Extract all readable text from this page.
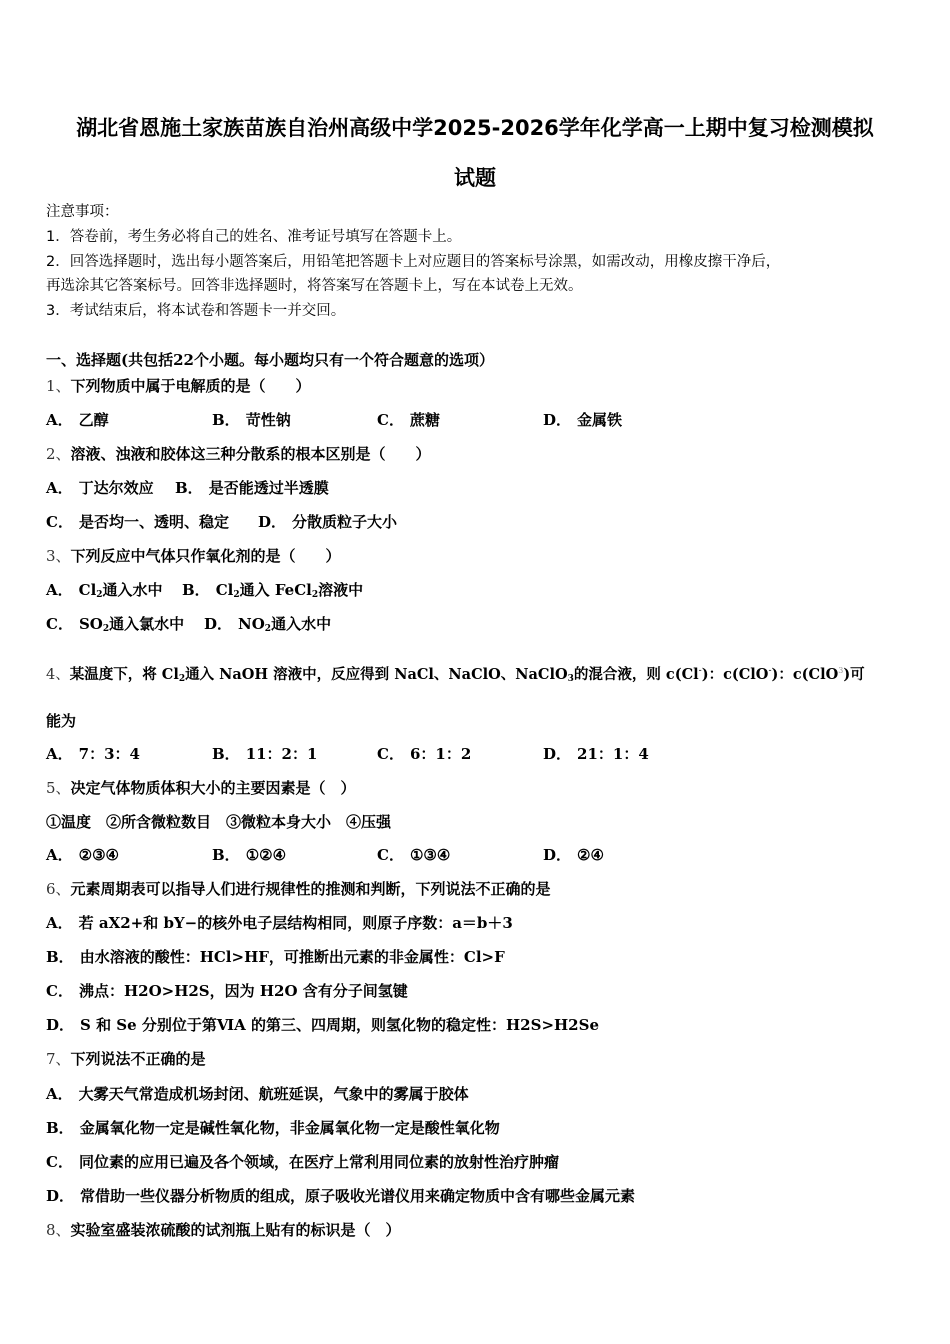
湖北省恩施土家族苗族自治州高级中学2025-2026学年化学高一上期中复习检测模拟
试题
注意事项：
1．答卷前，考生务必将自己的姓名、准考证号填写在答题卡上。
2．回答选择题时，选出每小题答案后，用铅笔把答题卡上对应题目的答案标号涂黑，如需改动，用橡皮擦干净后，
再选涂其它答案标号。回答非选择题时，将答案写在答题卡上，写在本试卷上无效。
3．考试结束后，将本试卷和答题卡一并交回。
一、选择题(共包括22个小题。每小题均只有一个符合题意的选项）
1、下列物质中属于电解质的是（　　）
A． 乙醇	B． 苛性钠	C． 蔗糖	D． 金属铁
2、溶液、浊液和胶体这三种分散系的根本区别是（　　）
A． 丁达尔效应 B． 是否能透过半透膜
C． 是否均一、透明、稳定 D． 分散质粒子大小
3、下列反应中气体只作氧化剂的是（　　）
A． $Cl_2$通入水中 B． $Cl_2$通入 FeCl$_2$溶液中
C． $SO_2$通入氯水中 D． $NO_2$通入水中
4、某温度下，将 $Cl_2$通入 NaOH 溶液中，反应得到 NaCl、NaClO、NaClO$_3$的混合液，则 c(Cl-)：c(ClO-)：c(ClO$^3$)可
能为
A． 7：3：4	B． 11：2：1	C． 6：1：2	D． 21：1：4
5、决定气体物质体积大小的主要因素是（　）
①温度　②所含微粒数目　③微粒本身大小　④压强
A． ②③④	B． ①②④	C． ①③④	D． ②④
6、元素周期表可以指导人们进行规律性的推测和判断，下列说法不正确的是
A． 若 aX2+和 bY−的核外电子层结构相同，则原子序数：a＝b＋3
B． 由水溶液的酸性：HCl>HF，可推断出元素的非金属性：Cl>F
C． 沸点：H2O>H2S，因为 H2O 含有分子间氢键
D． S 和 Se 分别位于第ⅥA 的第三、四周期，则氢化物的稳定性：H2S>H2Se
7、下列说法不正确的是
A． 大雾天气常造成机场封闭、航班延误，气象中的雾属于胶体
B． 金属氧化物一定是碱性氧化物，非金属氧化物一定是酸性氧化物
C． 同位素的应用已遍及各个领域，在医疗上常利用同位素的放射性治疗肿瘤
D． 常借助一些仪器分析物质的组成，原子吸收光谱仪用来确定物质中含有哪些金属元素
8、实验室盛装浓硫酸的试剂瓶上贴有的标识是（　）
